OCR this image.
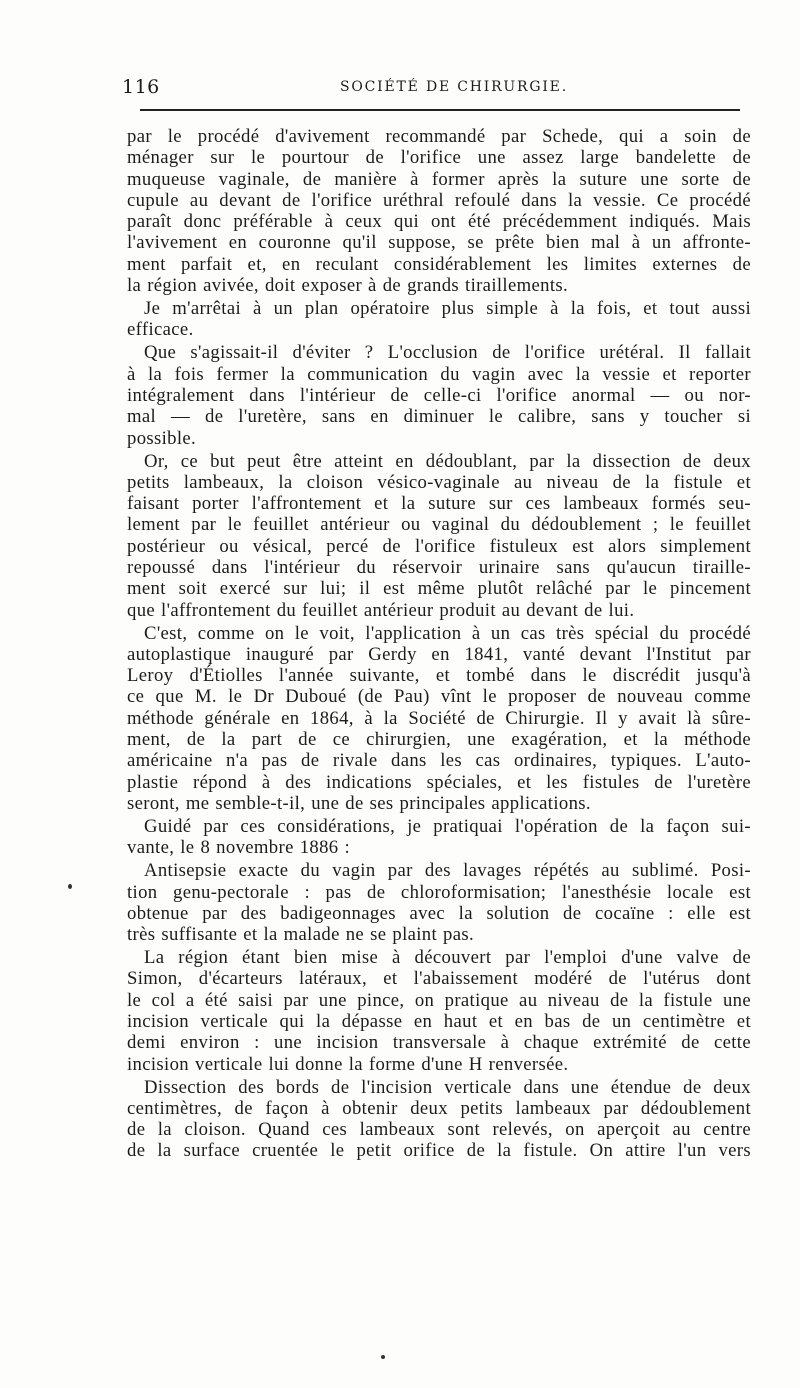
116	SOCIÉTÉ DE CHIRURGIE.
par le procédé d'avivement recommandé par Schede, qui a soin de
ménager sur le pourtour de l'orifice une assez large bandelette de
muqueuse vaginale, de manière à former après la suture une sorte de
cupule au devant de l'orifice uréthral refoulé dans la vessie. Ce procédé
paraît donc préférable à ceux qui ont été précédemment indiqués. Mais
l'avivement en couronne qu'il suppose, se prête bien mal à un affronte-
ment parfait et, en reculant considérablement les limites externes de
la région avivée, doit exposer à de grands tiraillements.
Je m'arrêtai à un plan opératoire plus simple à la fois, et tout aussi
efficace.
Que s'agissait-il d'éviter ? L'occlusion de l'orifice urétéral. Il fallait
à la fois fermer la communication du vagin avec la vessie et reporter
intégralement dans l'intérieur de celle-ci l'orifice anormal — ou nor-
mal — de l'uretère, sans en diminuer le calibre, sans y toucher si
possible.
Or, ce but peut être atteint en dédoublant, par la dissection de deux
petits lambeaux, la cloison vésico-vaginale au niveau de la fistule et
faisant porter l'affrontement et la suture sur ces lambeaux formés seu-
lement par le feuillet antérieur ou vaginal du dédoublement ; le feuillet
postérieur ou vésical, percé de l'orifice fistuleux est alors simplement
repoussé dans l'intérieur du réservoir urinaire sans qu'aucun tiraille-
ment soit exercé sur lui; il est même plutôt relâché par le pincement
que l'affrontement du feuillet antérieur produit au devant de lui.
C'est, comme on le voit, l'application à un cas très spécial du procédé
autoplastique inauguré par Gerdy en 1841, vanté devant l'Institut par
Leroy d'Étiolles l'année suivante, et tombé dans le discrédit jusqu'à
ce que M. le Dr Duboué (de Pau) vînt le proposer de nouveau comme
méthode générale en 1864, à la Société de Chirurgie. Il y avait là sûre-
ment, de la part de ce chirurgien, une exagération, et la méthode
américaine n'a pas de rivale dans les cas ordinaires, typiques. L'auto-
plastie répond à des indications spéciales, et les fistules de l'uretère
seront, me semble-t-il, une de ses principales applications.
Guidé par ces considérations, je pratiquai l'opération de la façon sui-
vante, le 8 novembre 1886 :
Antisepsie exacte du vagin par des lavages répétés au sublimé. Posi-
tion genu-pectorale : pas de chloroformisation; l'anesthésie locale est
obtenue par des badigeonnages avec la solution de cocaïne : elle est
très suffisante et la malade ne se plaint pas.
La région étant bien mise à découvert par l'emploi d'une valve de
Simon, d'écarteurs latéraux, et l'abaissement modéré de l'utérus dont
le col a été saisi par une pince, on pratique au niveau de la fistule une
incision verticale qui la dépasse en haut et en bas de un centimètre et
demi environ : une incision transversale à chaque extrémité de cette
incision verticale lui donne la forme d'une H renversée.
Dissection des bords de l'incision verticale dans une étendue de deux
centimètres, de façon à obtenir deux petits lambeaux par dédoublement
de la cloison. Quand ces lambeaux sont relevés, on aperçoit au centre
de la surface cruentée le petit orifice de la fistule. On attire l'un vers
